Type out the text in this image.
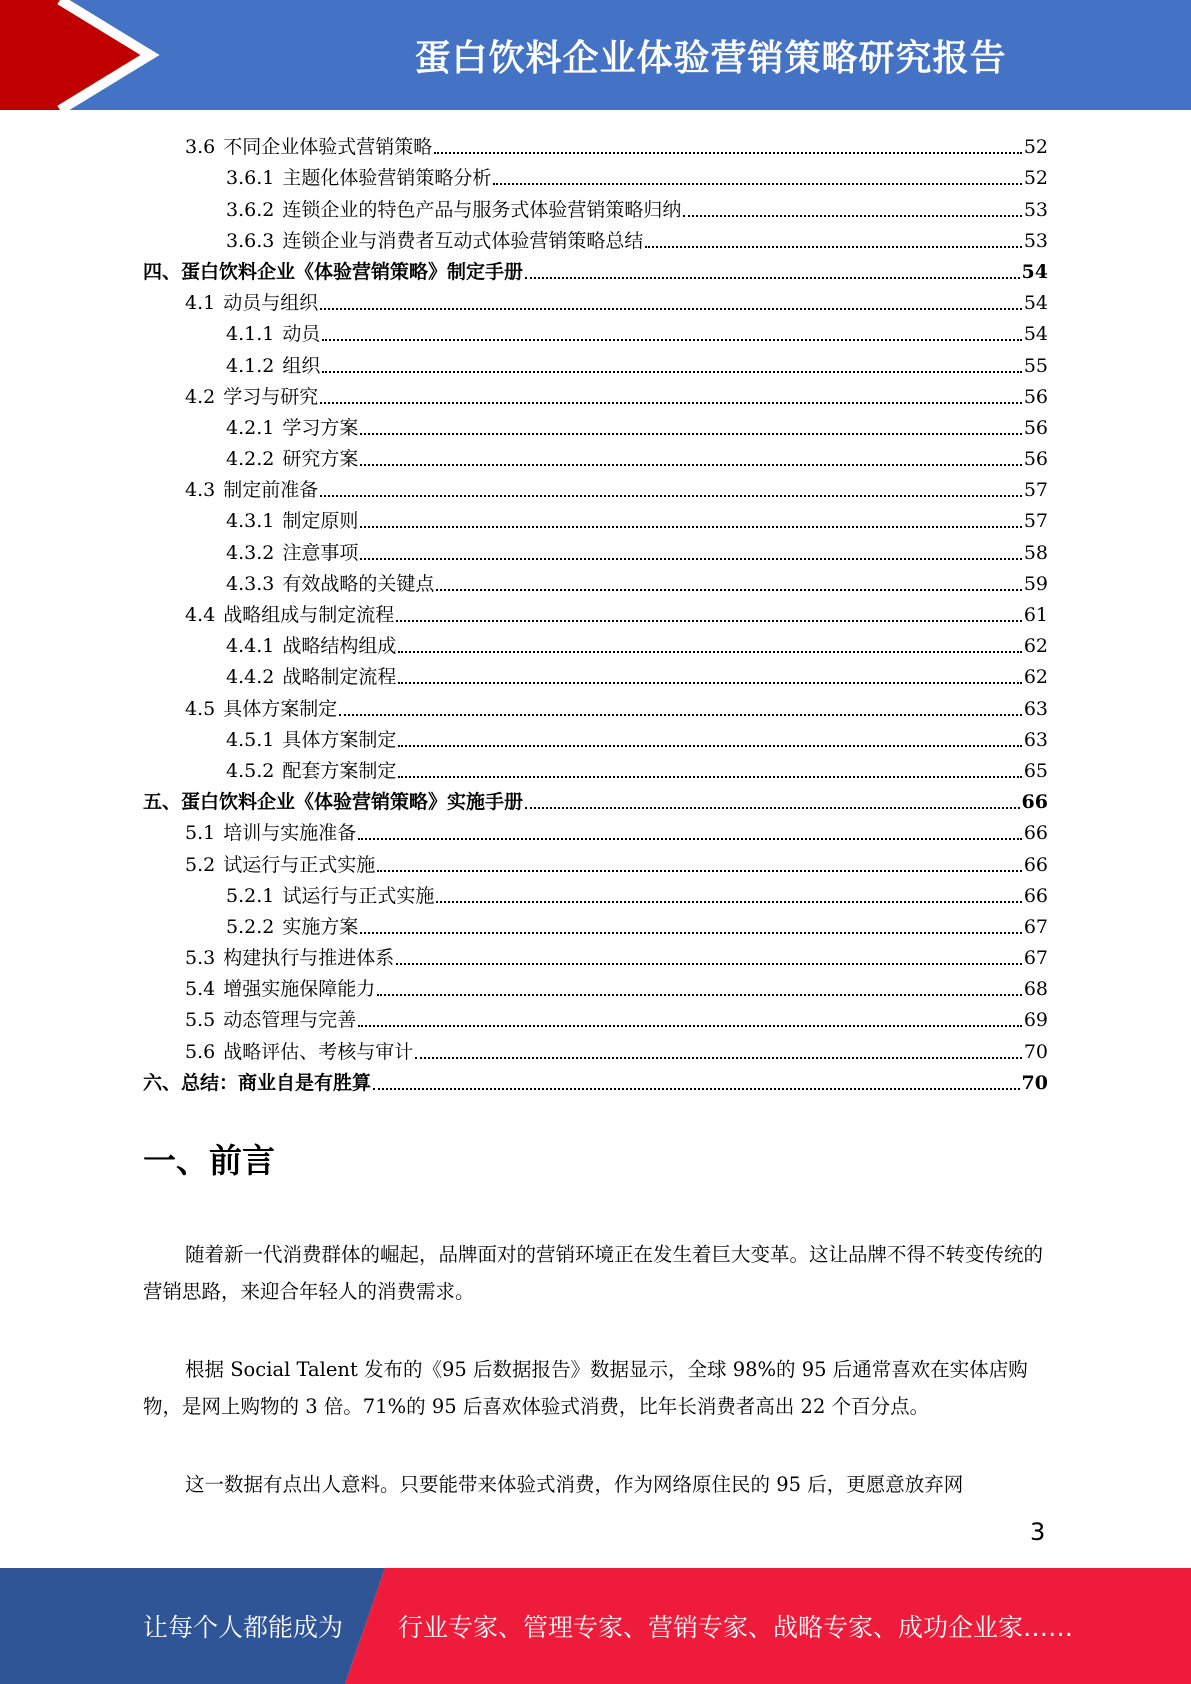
蛋白饮料企业体验营销策略研究报告
3.6 不同企业体验式营销策略	52
3.6.1 主题化体验营销策略分析	52
3.6.2 连锁企业的特色产品与服务式体验营销策略归纳	53
3.6.3 连锁企业与消费者互动式体验营销策略总结	53
四、蛋白饮料企业《体验营销策略》制定手册	54
4.1 动员与组织	54
4.1.1 动员	54
4.1.2 组织	55
4.2 学习与研究	56
4.2.1 学习方案	56
4.2.2 研究方案	56
4.3 制定前准备	57
4.3.1 制定原则	57
4.3.2 注意事项	58
4.3.3 有效战略的关键点	59
4.4 战略组成与制定流程	61
4.4.1 战略结构组成	62
4.4.2 战略制定流程	62
4.5 具体方案制定	63
4.5.1 具体方案制定	63
4.5.2 配套方案制定	65
五、蛋白饮料企业《体验营销策略》实施手册	66
5.1 培训与实施准备	66
5.2 试运行与正式实施	66
5.2.1 试运行与正式实施	66
5.2.2 实施方案	67
5.3 构建执行与推进体系	67
5.4 增强实施保障能力	68
5.5 动态管理与完善	69
5.6 战略评估、考核与审计	70
六、总结：商业自是有胜算	70
一、前言

随着新一代消费群体的崛起，品牌面对的营销环境正在发生着巨大变革。这让品牌不得不转变传统的营销思路，来迎合年轻人的消费需求。

根据 Social Talent 发布的《95 后数据报告》数据显示，全球 98%的 95 后通常喜欢在实体店购物，是网上购物的 3 倍。71%的 95 后喜欢体验式消费，比年长消费者高出 22 个百分点。

这一数据有点出人意料。只要能带来体验式消费，作为网络原住民的 95 后，更愿意放弃网

3
让每个人都能成为 行业专家、管理专家、营销专家、战略专家、成功企业家……
